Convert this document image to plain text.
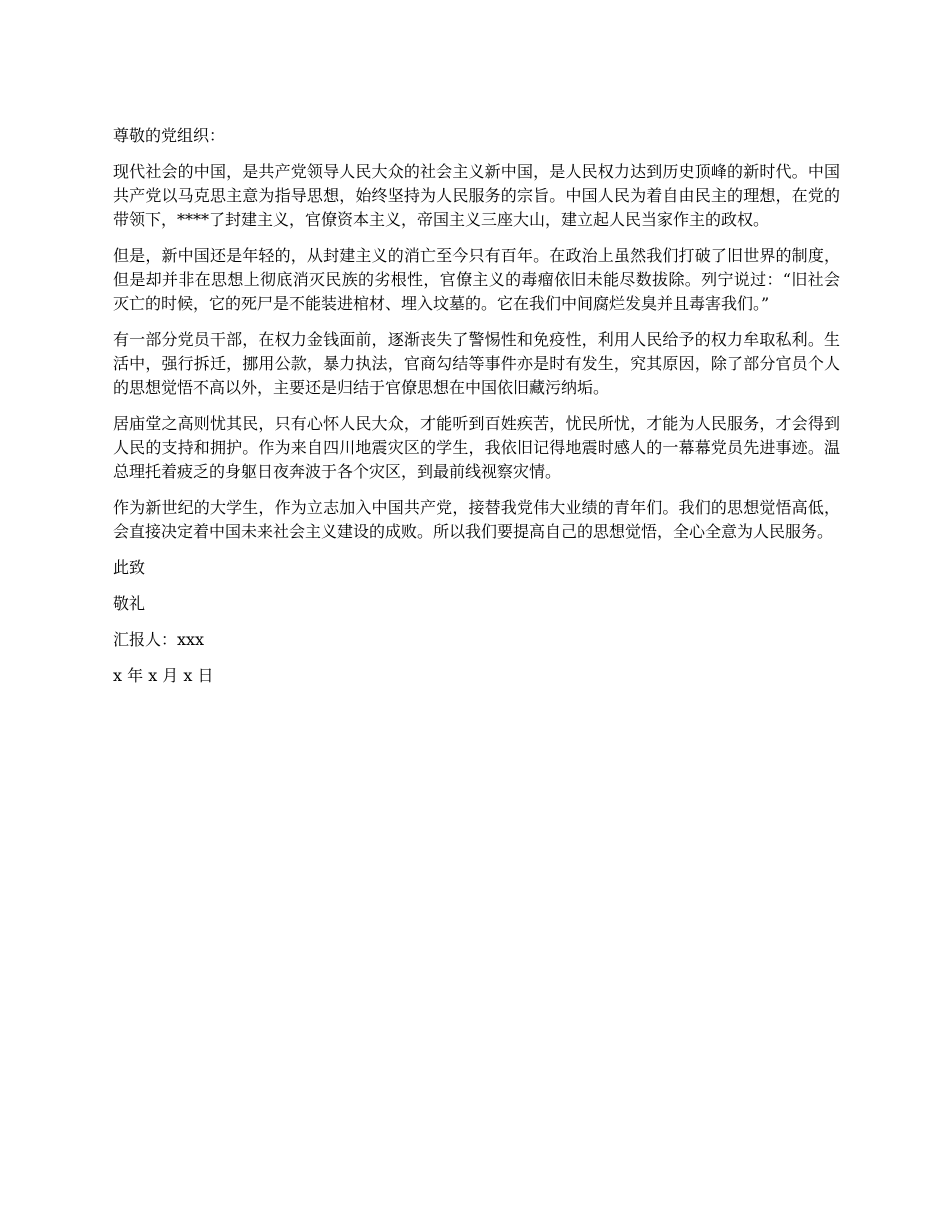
尊敬的党组织：

现代社会的中国，是共产党领导人民大众的社会主义新中国，是人民权力达到历史顶峰的新时代。中国共产党以马克思主意为指导思想，始终坚持为人民服务的宗旨。中国人民为着自由民主的理想，在党的带领下，****了封建主义，官僚资本主义，帝国主义三座大山，建立起人民当家作主的政权。

但是，新中国还是年轻的，从封建主义的消亡至今只有百年。在政治上虽然我们打破了旧世界的制度，但是却并非在思想上彻底消灭民族的劣根性，官僚主义的毒瘤依旧未能尽数拔除。列宁说过：“旧社会灭亡的时候，它的死尸是不能装进棺材、埋入坟墓的。它在我们中间腐烂发臭并且毒害我们。”

有一部分党员干部，在权力金钱面前，逐渐丧失了警惕性和免疫性，利用人民给予的权力牟取私利。生活中，强行拆迁，挪用公款，暴力执法，官商勾结等事件亦是时有发生，究其原因，除了部分官员个人的思想觉悟不高以外，主要还是归结于官僚思想在中国依旧藏污纳垢。

居庙堂之高则忧其民，只有心怀人民大众，才能听到百姓疾苦，忧民所忧，才能为人民服务，才会得到人民的支持和拥护。作为来自四川地震灾区的学生，我依旧记得地震时感人的一幕幕党员先进事迹。温总理托着疲乏的身躯日夜奔波于各个灾区，到最前线视察灾情。

作为新世纪的大学生，作为立志加入中国共产党，接替我党伟大业绩的青年们。我们的思想觉悟高低，会直接决定着中国未来社会主义建设的成败。所以我们要提高自己的思想觉悟，全心全意为人民服务。

此致

敬礼

汇报人：xxx

x 年 x 月 x 日
